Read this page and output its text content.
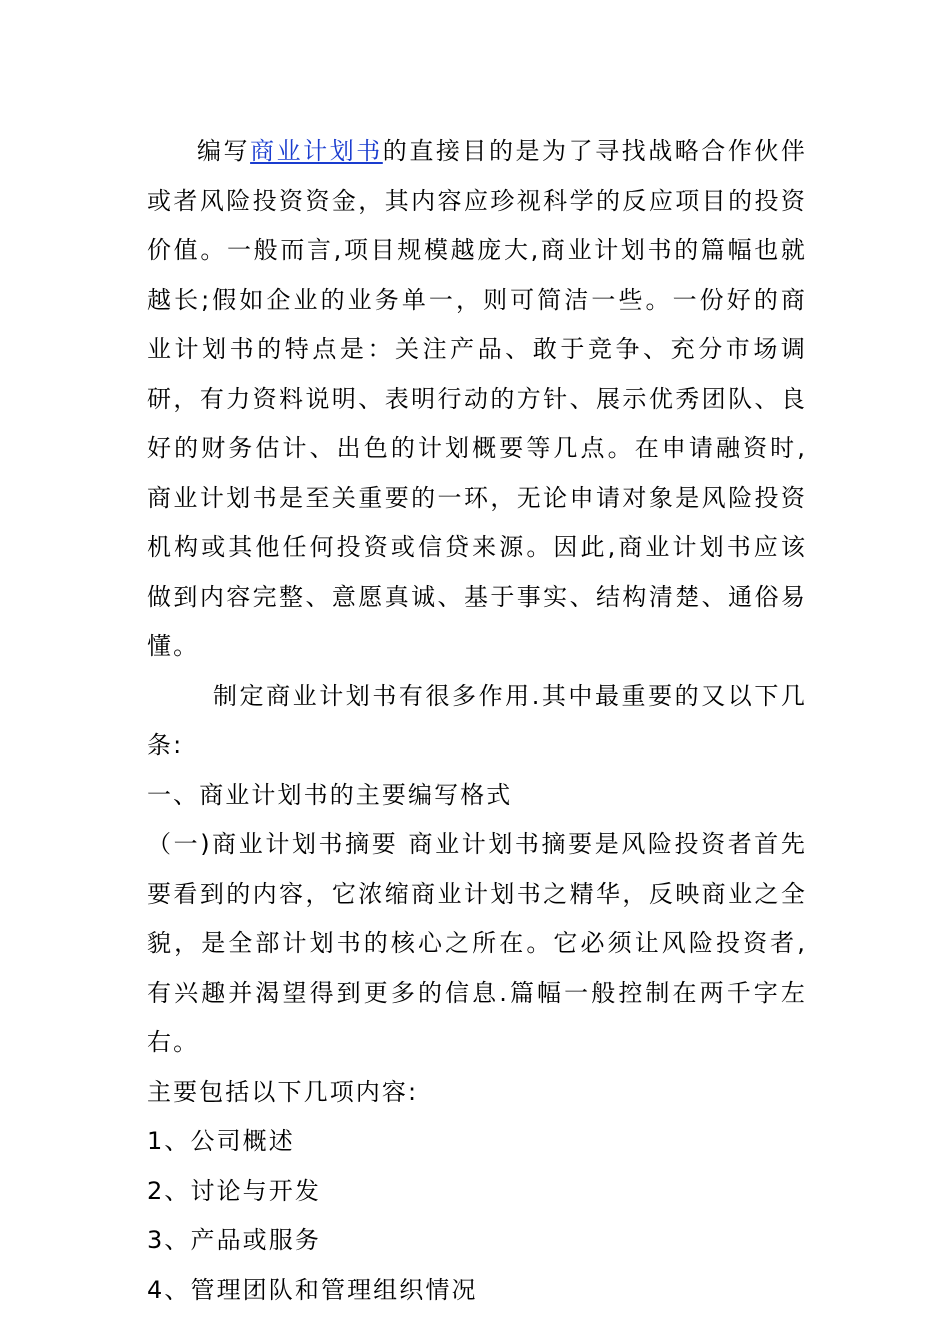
编写商业计划书的直接目的是为了寻找战略合作伙伴或者风险投资资金，其内容应珍视科学的反应项目的投资价值。一般而言,项目规模越庞大,商业计划书的篇幅也就越长;假如企业的业务单一，则可简洁一些。一份好的商业计划书的特点是：关注产品、敢于竞争、充分市场调研，有力资料说明、表明行动的方针、展示优秀团队、良好的财务估计、出色的计划概要等几点。在申请融资时,商业计划书是至关重要的一环，无论申请对象是风险投资机构或其他任何投资或信贷来源。因此,商业计划书应该做到内容完整、意愿真诚、基于事实、结构清楚、通俗易懂。

制定商业计划书有很多作用.其中最重要的又以下几条:

一、商业计划书的主要编写格式

（一)商业计划书摘要 商业计划书摘要是风险投资者首先要看到的内容，它浓缩商业计划书之精华，反映商业之全貌，是全部计划书的核心之所在。它必须让风险投资者,有兴趣并渴望得到更多的信息.篇幅一般控制在两千字左右。

主要包括以下几项内容:

1、公司概述

2、讨论与开发

3、产品或服务

4、管理团队和管理组织情况
